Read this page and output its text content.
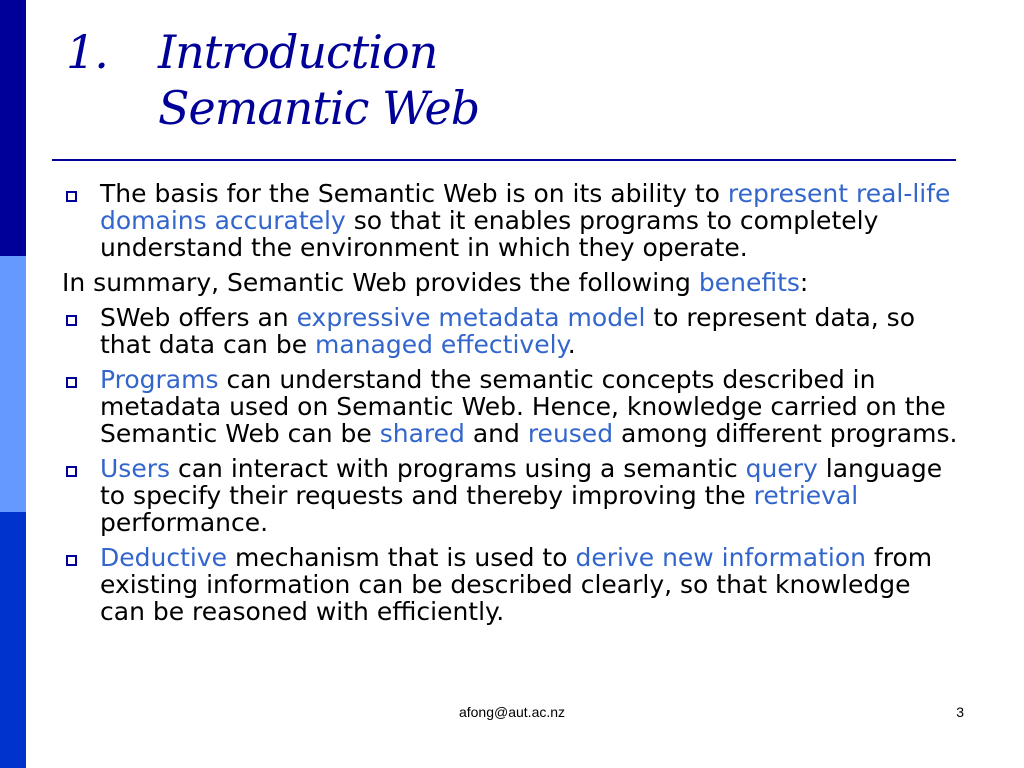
1. Introduction
Semantic Web
The basis for the Semantic Web is on its ability to represent real-life domains accurately so that it enables programs to completely understand the environment in which they operate.
In summary, Semantic Web provides the following benefits:
SWeb offers an expressive metadata model to represent data, so that data can be managed effectively.
Programs can understand the semantic concepts described in metadata used on Semantic Web. Hence, knowledge carried on the Semantic Web can be shared and reused among different programs.
Users can interact with programs using a semantic query language to specify their requests and thereby improving the retrieval performance.
Deductive mechanism that is used to derive new information from existing information can be described clearly, so that knowledge can be reasoned with efficiently.
afong@aut.ac.nz	3
